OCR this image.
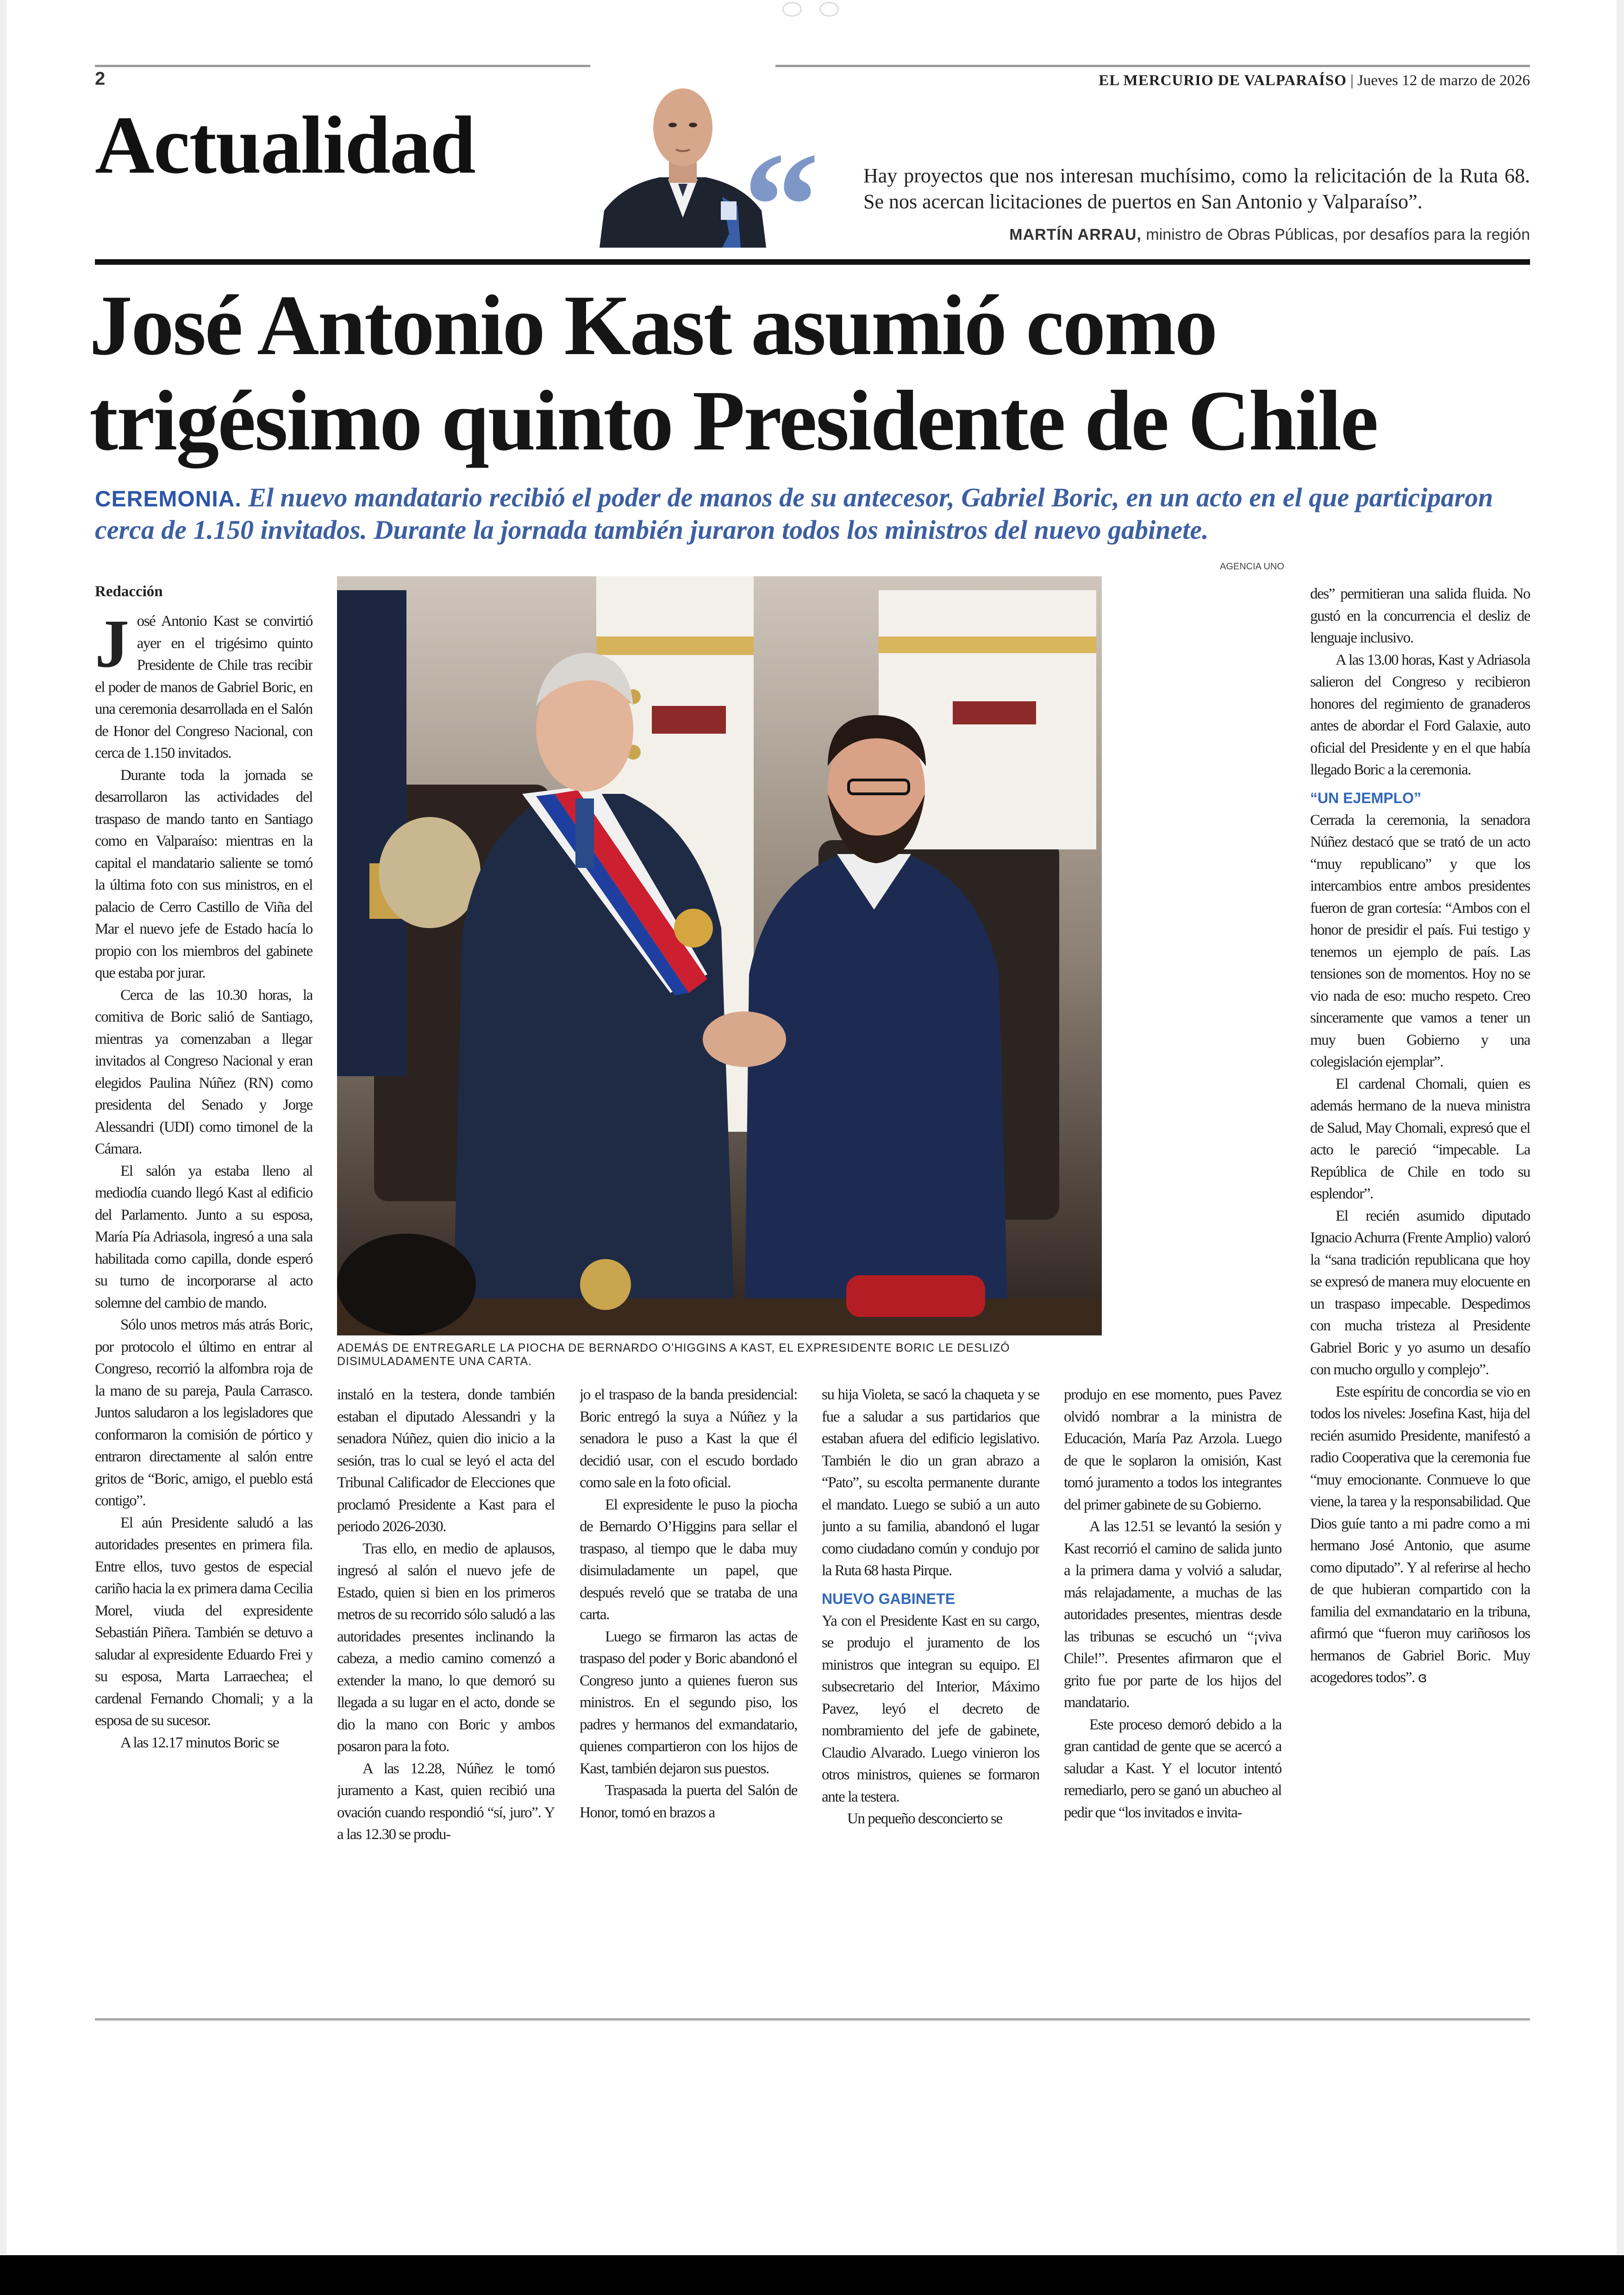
2	EL MERCURIO DE VALPARAÍSO | Jueves 12 de marzo de 2026
Actualidad “ Hay proyectos que nos interesan muchísimo, como la relicitación de la Ruta 68. Se nos acercan licitaciones de puertos en San Antonio y Valparaíso”.
MARTÍN ARRAU, ministro de Obras Públicas, por desafíos para la región
José Antonio Kast asumió como
trigésimo quinto Presidente de Chile
CEREMONIA. El nuevo mandatario recibió el poder de manos de su antecesor, Gabriel Boric, en un acto en el que participaron cerca de 1.150 invitados. Durante la jornada también juraron todos los ministros del nuevo gabinete.
AGENCIA UNO
ADEMÁS DE ENTREGARLE LA PIOCHA DE BERNARDO O’HIGGINS A KAST, EL EXPRESIDENTE BORIC LE DESLIZÓ DISIMULADAMENTE UNA CARTA.
Redacción

José Antonio Kast se convirtió ayer en el trigésimo quinto Presidente de Chile tras recibir el poder de manos de Gabriel Boric, en una ceremonia desarrollada en el Salón de Honor del Congreso Nacional, con cerca de 1.150 invitados.

Durante toda la jornada se desarrollaron las actividades del traspaso de mando tanto en Santiago como en Valparaíso: mientras en la capital el mandatario saliente se tomó la última foto con sus ministros, en el palacio de Cerro Castillo de Viña del Mar el nuevo jefe de Estado hacía lo propio con los miembros del gabinete que estaba por jurar.

Cerca de las 10.30 horas, la comitiva de Boric salió de Santiago, mientras ya comenzaban a llegar invitados al Congreso Nacional y eran elegidos Paulina Núñez (RN) como presidenta del Senado y Jorge Alessandri (UDI) como timonel de la Cámara.

El salón ya estaba lleno al mediodía cuando llegó Kast al edificio del Parlamento. Junto a su esposa, María Pía Adriasola, ingresó a una sala habilitada como capilla, donde esperó su turno de incorporarse al acto solemne del cambio de mando.

Sólo unos metros más atrás Boric, por protocolo el último en entrar al Congreso, recorrió la alfombra roja de la mano de su pareja, Paula Carrasco. Juntos saludaron a los legisladores que conformaron la comisión de pórtico y entraron directamente al salón entre gritos de “Boric, amigo, el pueblo está contigo”.

El aún Presidente saludó a las autoridades presentes en primera fila. Entre ellos, tuvo gestos de especial cariño hacia la ex primera dama Cecilia Morel, viuda del expresidente Sebastián Piñera. También se detuvo a saludar al expresidente Eduardo Frei y su esposa, Marta Larraechea; el cardenal Fernando Chomali; y a la esposa de su sucesor.

A las 12.17 minutos Boric se

instaló en la testera, donde también estaban el diputado Alessandri y la senadora Núñez, quien dio inicio a la sesión, tras lo cual se leyó el acta del Tribunal Calificador de Elecciones que proclamó Presidente a Kast para el periodo 2026-2030.

Tras ello, en medio de aplausos, ingresó al salón el nuevo jefe de Estado, quien si bien en los primeros metros de su recorrido sólo saludó a las autoridades presentes inclinando la cabeza, a medio camino comenzó a extender la mano, lo que demoró su llegada a su lugar en el acto, donde se dio la mano con Boric y ambos posaron para la foto.

A las 12.28, Núñez le tomó juramento a Kast, quien recibió una ovación cuando respondió “sí, juro”. Y a las 12.30 se produ-

jo el traspaso de la banda presidencial: Boric entregó la suya a Núñez y la senadora le puso a Kast la que él decidió usar, con el escudo bordado como sale en la foto oficial.

El expresidente le puso la piocha de Bernardo O’Higgins para sellar el traspaso, al tiempo que le daba muy disimuladamente un papel, que después reveló que se trataba de una carta.

Luego se firmaron las actas de traspaso del poder y Boric abandonó el Congreso junto a quienes fueron sus ministros. En el segundo piso, los padres y hermanos del exmandatario, quienes compartieron con los hijos de Kast, también dejaron sus puestos.

Traspasada la puerta del Salón de Honor, tomó en brazos a

su hija Violeta, se sacó la chaqueta y se fue a saludar a sus partidarios que estaban afuera del edificio legislativo. También le dio un gran abrazo a “Pato”, su escolta permanente durante el mandato. Luego se subió a un auto junto a su familia, abandonó el lugar como ciudadano común y condujo por la Ruta 68 hasta Pirque.

NUEVO GABINETE

Ya con el Presidente Kast en su cargo, se produjo el juramento de los ministros que integran su equipo. El subsecretario del Interior, Máximo Pavez, leyó el decreto de nombramiento del jefe de gabinete, Claudio Alvarado. Luego vinieron los otros ministros, quienes se formaron ante la testera.

Un pequeño desconcierto se

produjo en ese momento, pues Pavez olvidó nombrar a la ministra de Educación, María Paz Arzola. Luego de que le soplaron la omisión, Kast tomó juramento a todos los integrantes del primer gabinete de su Gobierno.

A las 12.51 se levantó la sesión y Kast recorrió el camino de salida junto a la primera dama y volvió a saludar, más relajadamente, a muchas de las autoridades presentes, mientras desde las tribunas se escuchó un “¡viva Chile!”. Presentes afirmaron que el grito fue por parte de los hijos del mandatario.

Este proceso demoró debido a la gran cantidad de gente que se acercó a saludar a Kast. Y el locutor intentó remediarlo, pero se ganó un abucheo al pedir que “los invitados e invita-

des” permitieran una salida fluida. No gustó en la concurrencia el desliz de lenguaje inclusivo.

A las 13.00 horas, Kast y Adriasola salieron del Congreso y recibieron honores del regimiento de granaderos antes de abordar el Ford Galaxie, auto oficial del Presidente y en el que había llegado Boric a la ceremonia.

“UN EJEMPLO”

Cerrada la ceremonia, la senadora Núñez destacó que se trató de un acto “muy republicano” y que los intercambios entre ambos presidentes fueron de gran cortesía: “Ambos con el honor de presidir el país. Fui testigo y tenemos un ejemplo de país. Las tensiones son de momentos. Hoy no se vio nada de eso: mucho respeto. Creo sinceramente que vamos a tener un muy buen Gobierno y una colegislación ejemplar”.

El cardenal Chomali, quien es además hermano de la nueva ministra de Salud, May Chomali, expresó que el acto le pareció “impecable. La República de Chile en todo su esplendor”.

El recién asumido diputado Ignacio Achurra (Frente Amplio) valoró la “sana tradición republicana que hoy se expresó de manera muy elocuente en un traspaso impecable. Despedimos con mucha tristeza al Presidente Gabriel Boric y yo asumo un desafío con mucho orgullo y complejo”.

Este espíritu de concordia se vio en todos los niveles: Josefina Kast, hija del recién asumido Presidente, manifestó a radio Cooperativa que la ceremonia fue “muy emocionante. Conmueve lo que viene, la tarea y la responsabilidad. Que Dios guíe tanto a mi padre como a mi hermano José Antonio, que asume como diputado”. Y al referirse al hecho de que hubieran compartido con la familia del exmandatario en la tribuna, afirmó que “fueron muy cariñosos los hermanos de Gabriel Boric. Muy acogedores todos”. ɞ
